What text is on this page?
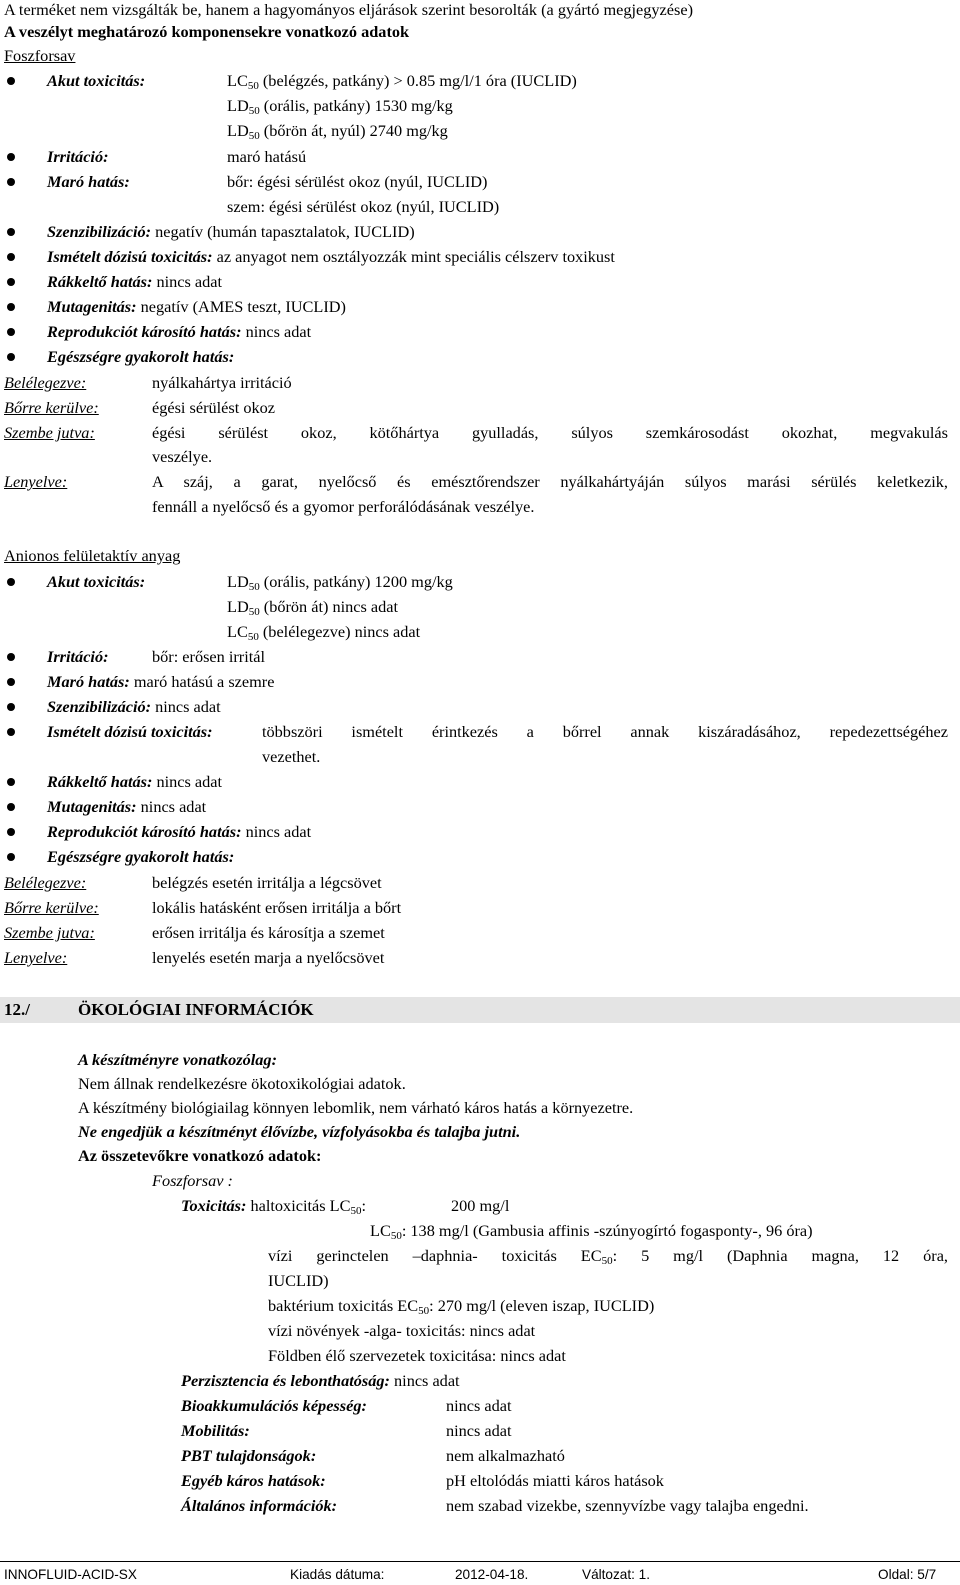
A terméket nem vizsgálták be, hanem a hagyományos eljárások szerint besorolták (a gyártó megjegyzése)
A veszélyt meghatározó komponensekre vonatkozó adatok
Foszforsav
Akut toxicitás:	$LC_{50}$ (belégzés, patkány) > 0.85 mg/l/1 óra (IUCLID)
$LD_{50}$ (orális, patkány) 1530 mg/kg
$LD_{50}$ (bőrön át, nyúl) 2740 mg/kg
Irritáció:	maró hatású
Maró hatás:	bőr: égési sérülést okoz (nyúl, IUCLID)
szem: égési sérülést okoz (nyúl, IUCLID)
Szenzibilizáció: negatív (humán tapasztalatok, IUCLID)
Ismételt dózisú toxicitás: az anyagot nem osztályozzák mint speciális célszerv toxikust
Rákkeltő hatás: nincs adat
Mutagenitás: negatív (AMES teszt, IUCLID)
Reprodukciót károsító hatás: nincs adat
Egészségre gyakorolt hatás:
Belélegezve:	nyálkahártya irritáció
Bőrre kerülve:	égési sérülést okoz
Szembe jutva:	égési sérülést okoz, kötőhártya gyulladás, súlyos szemkárosodást okozhat, megvakulás
veszélye.
Lenyelve:	A száj, a garat, nyelőcső és emésztőrendszer nyálkahártyáján súlyos marási sérülés keletkezik,
fennáll a nyelőcső és a gyomor perforálódásának veszélye.
Anionos felületaktív anyag
Akut toxicitás:	$LD_{50}$ (orális, patkány) 1200 mg/kg
$LD_{50}$ (bőrön át) nincs adat
$LC_{50}$ (belélegezve) nincs adat
Irritáció:	bőr: erősen irritál
Maró hatás: maró hatású a szemre
Szenzibilizáció: nincs adat
Ismételt dózisú toxicitás:	többszöri ismételt érintkezés a bőrrel annak kiszáradásához, repedezettségéhez
vezethet.
Rákkeltő hatás: nincs adat
Mutagenitás: nincs adat
Reprodukciót károsító hatás: nincs adat
Egészségre gyakorolt hatás:
Belélegezve:	belégzés esetén irritálja a légcsövet
Bőrre kerülve:	lokális hatásként erősen irritálja a bőrt
Szembe jutva:	erősen irritálja és károsítja a szemet
Lenyelve:	lenyelés esetén marja a nyelőcsövet
12./	ÖKOLÓGIAI INFORMÁCIÓK
A készítményre vonatkozólag:
Nem állnak rendelkezésre ökotoxikológiai adatok.
A készítmény biológiailag könnyen lebomlik, nem várható káros hatás a környezetre.
Ne engedjük a készítményt élővízbe, vízfolyásokba és talajba jutni.
Az összetevőkre vonatkozó adatok:
Foszforsav :
Toxicitás: haltoxicitás $LC_{50}$:	200 mg/l
$LC_{50}$: 138 mg/l (Gambusia affinis -szúnyogírtó fogasponty-, 96 óra)
vízi gerinctelen –daphnia- toxicitás $EC_{50}$: 5 mg/l (Daphnia magna, 12 óra,
IUCLID)
baktérium toxicitás $EC_{50}$: 270 mg/l (eleven iszap, IUCLID)
vízi növények -alga- toxicitás: nincs adat
Földben élő szervezetek toxicitása: nincs adat
Perzisztencia és lebonthatóság: nincs adat
Bioakkumulációs képesség:	nincs adat
Mobilitás:	nincs adat
PBT tulajdonságok:	nem alkalmazható
Egyéb káros hatások:	pH eltolódás miatti káros hatások
Általános információk:	nem szabad vizekbe, szennyvízbe vagy talajba engedni.
INNOFLUID-ACID-SX	Kiadás dátuma:	2012-04-18.	Változat: 1.	Oldal: 5/7
